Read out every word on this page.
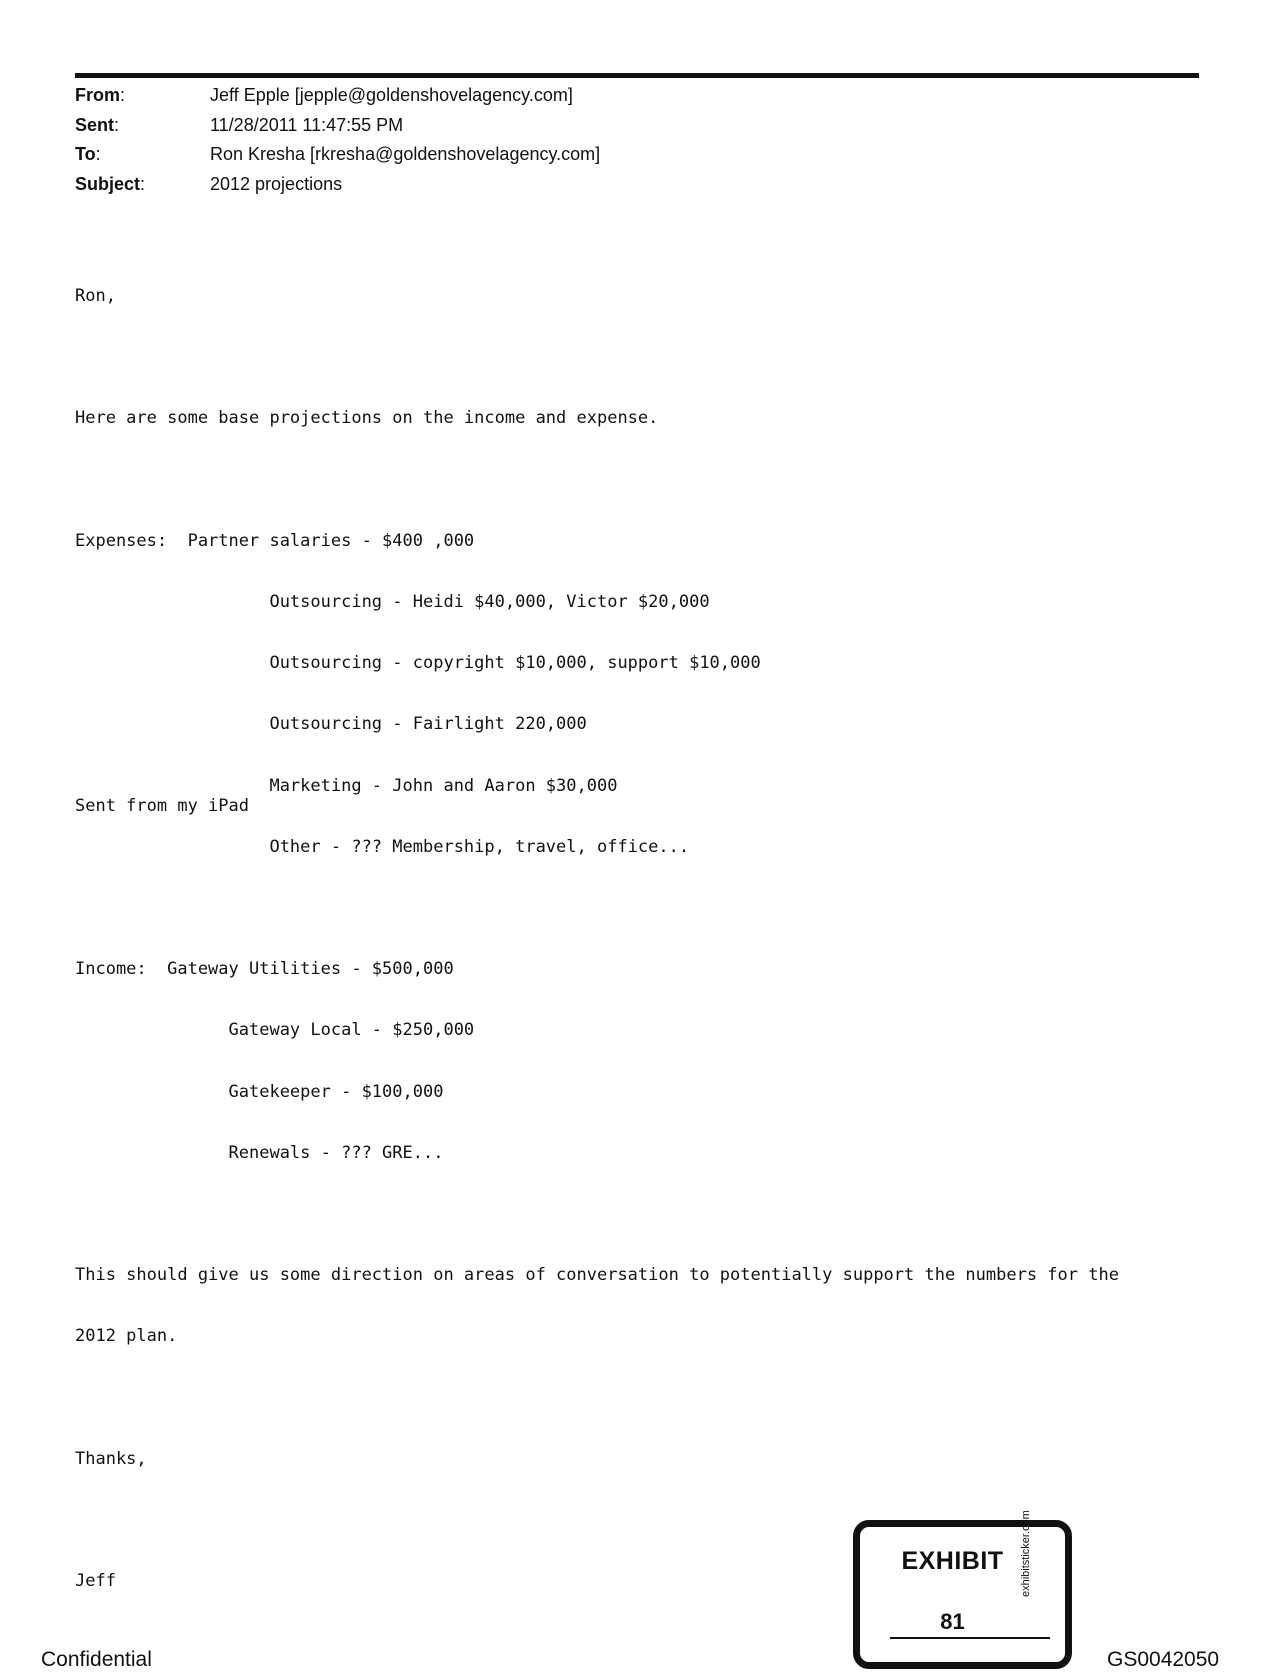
From:	Jeff Epple [jepple@goldenshovelagency.com]
Sent:	11/28/2011 11:47:55 PM
To:	Ron Kresha [rkresha@goldenshovelagency.com]
Subject:	2012 projections

Ron,

Here are some base projections on the income and expense.

Expenses:  Partner salaries - $400 ,000

Outsourcing - Heidi $40,000, Victor $20,000

Outsourcing - copyright $10,000, support $10,000

Outsourcing - Fairlight 220,000

Marketing - John and Aaron $30,000

Other - ??? Membership, travel, office...

Income:  Gateway Utilities - $500,000

Gateway Local - $250,000

Gatekeeper - $100,000

Renewals - ??? GRE...

This should give us some direction on areas of conversation to potentially support the numbers for the

2012 plan.

Thanks,

Jeff

Sent from my iPad
EXHIBIT
81
exhibitsticker.com
Confidential	GS0042050
